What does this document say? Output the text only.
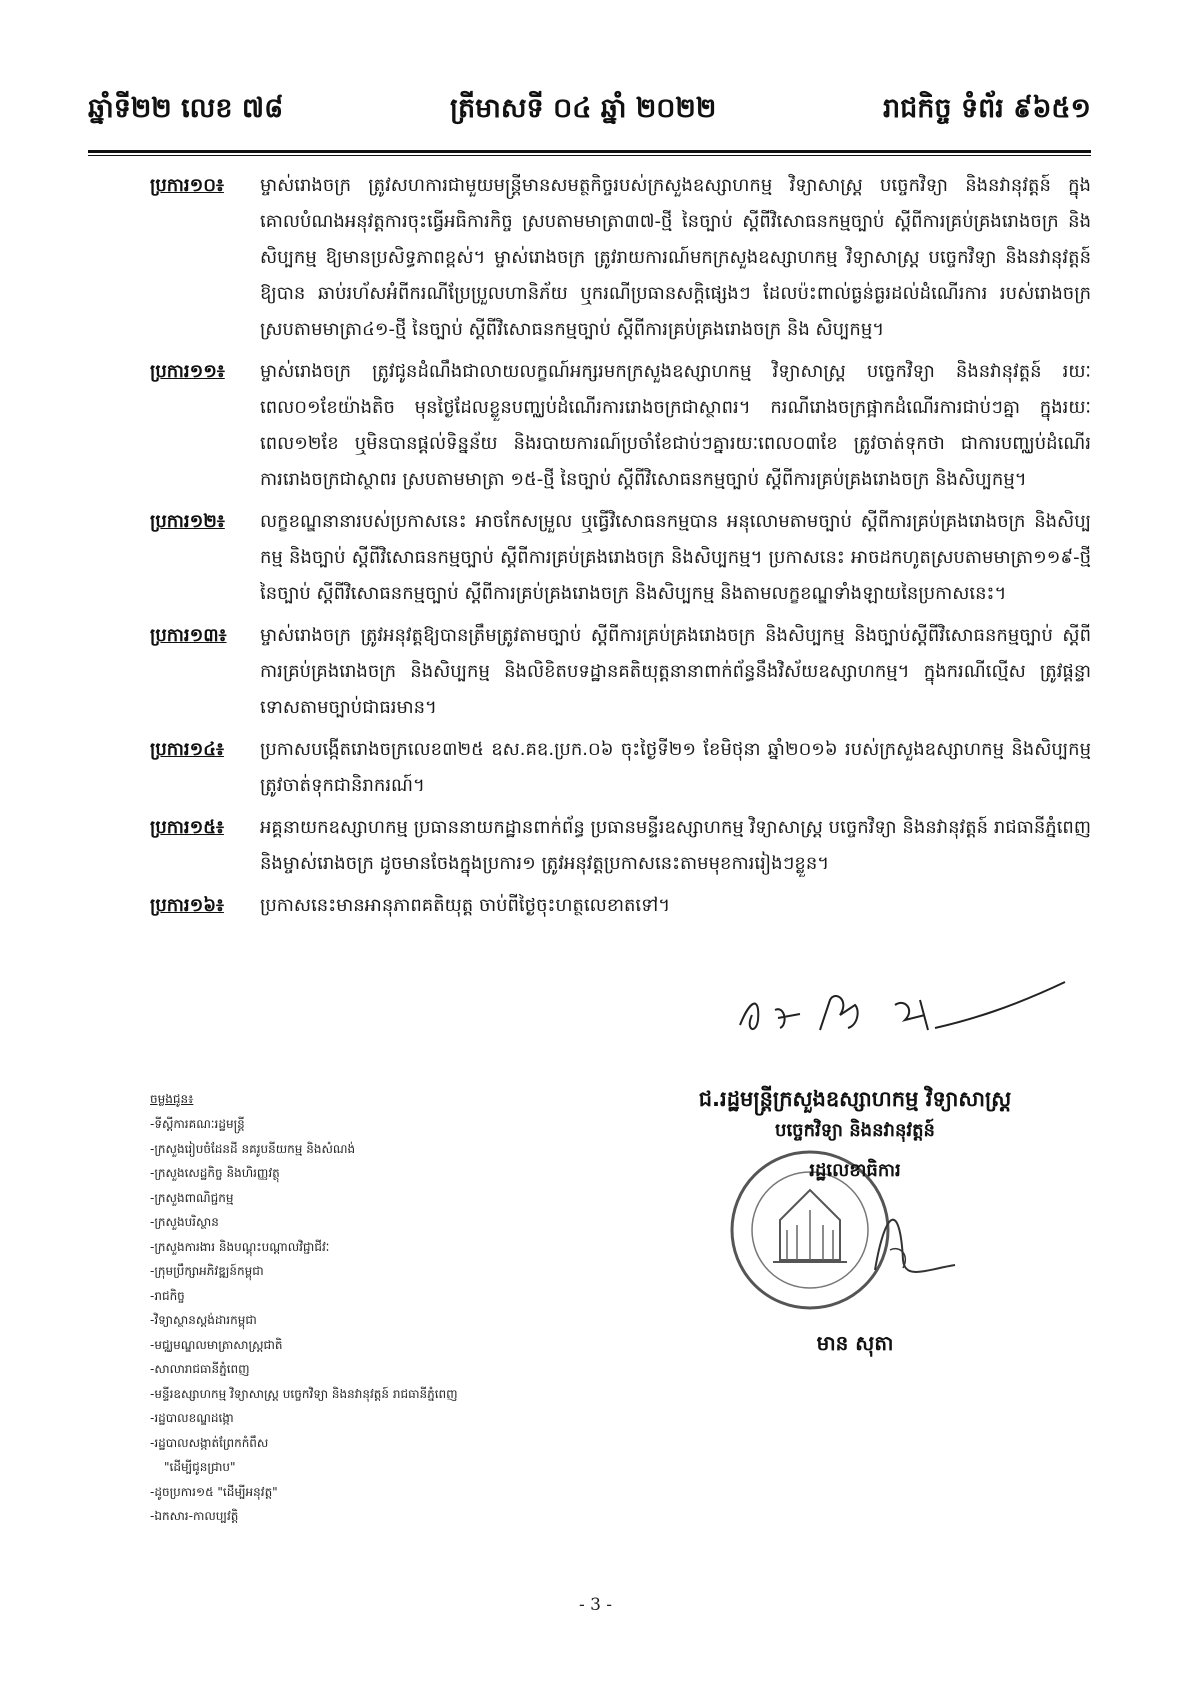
ឆ្នាំទី២២ លេខ ៧៨	ត្រីមាសទី ០៤ ឆ្នាំ ២០២២	រាជកិច្ច ទំព័រ ៩៦៥១
ប្រការ១០៖	ម្ចាស់រោងចក្រ ត្រូវសហការជាមួយមន្ត្រីមានសមត្ថកិច្ចរបស់ក្រសួងឧស្សាហកម្ម វិទ្យាសាស្ត្រ បច្ចេកវិទ្យា និងនវានុវត្តន៍ ក្នុងគោលបំណងអនុវត្តការចុះធ្វើអធិការកិច្ច ស្របតាមមាត្រា៣៧-ថ្មី នៃច្បាប់ ស្តីពីវិសោធនកម្មច្បាប់ ស្តីពីការគ្រប់គ្រងរោងចក្រ និងសិប្បកម្ម ឱ្យមានប្រសិទ្ធភាពខ្ពស់។ ម្ចាស់រោងចក្រ ត្រូវរាយការណ៍មកក្រសួងឧស្សាហកម្ម វិទ្យាសាស្ត្រ បច្ចេកវិទ្យា និងនវានុវត្តន៍ ឱ្យបាន ឆាប់រហ័សអំពីករណីប្រែប្រួលហានិភ័យ ឬករណីប្រធានសក្តិផ្សេងៗ ដែលប៉ះពាល់ធ្ងន់ធ្ងរដល់ដំណើរការ របស់រោងចក្រ ស្របតាមមាត្រា៤១-ថ្មី នៃច្បាប់ ស្តីពីវិសោធនកម្មច្បាប់ ស្តីពីការគ្រប់គ្រងរោងចក្រ និង សិប្បកម្ម។
ប្រការ១១៖	ម្ចាស់រោងចក្រ ត្រូវជូនដំណឹងជាលាយលក្ខណ៍អក្សរមកក្រសួងឧស្សាហកម្ម វិទ្យាសាស្ត្រ បច្ចេកវិទ្យា និងនវានុវត្តន៍ រយៈពេល០១ខែយ៉ាងតិច មុនថ្ងៃដែលខ្លួនបញ្ឈប់ដំណើរការរោងចក្រជាស្ថាពរ។ ករណីរោងចក្រផ្អាកដំណើរការជាប់ៗគ្នា ក្នុងរយៈពេល១២ខែ ឬមិនបានផ្តល់ទិន្នន័យ និងរបាយការណ៍ប្រចាំខែជាប់ៗគ្នារយៈពេល០៣ខែ ត្រូវចាត់ទុកថា ជាការបញ្ឈប់ដំណើរការរោងចក្រជាស្ថាពរ ស្របតាមមាត្រា ១៥-ថ្មី នៃច្បាប់ ស្តីពីវិសោធនកម្មច្បាប់ ស្តីពីការគ្រប់គ្រងរោងចក្រ និងសិប្បកម្ម។
ប្រការ១២៖	លក្ខខណ្ឌនានារបស់ប្រកាសនេះ អាចកែសម្រួល ឬធ្វើវិសោធនកម្មបាន អនុលោមតាមច្បាប់ ស្តីពីការគ្រប់គ្រងរោងចក្រ និងសិប្បកម្ម និងច្បាប់ ស្តីពីវិសោធនកម្មច្បាប់ ស្តីពីការគ្រប់គ្រងរោងចក្រ និងសិប្បកម្ម។ ប្រកាសនេះ អាចដកហូតស្របតាមមាត្រា១១៩-ថ្មី នៃច្បាប់ ស្តីពីវិសោធនកម្មច្បាប់ ស្តីពីការគ្រប់គ្រងរោងចក្រ និងសិប្បកម្ម និងតាមលក្ខខណ្ឌទាំងឡាយនៃប្រកាសនេះ។
ប្រការ១៣៖	ម្ចាស់រោងចក្រ ត្រូវអនុវត្តឱ្យបានត្រឹមត្រូវតាមច្បាប់ ស្តីពីការគ្រប់គ្រងរោងចក្រ និងសិប្បកម្ម និងច្បាប់ស្តីពីវិសោធនកម្មច្បាប់ ស្តីពីការគ្រប់គ្រងរោងចក្រ និងសិប្បកម្ម និងលិខិតបទដ្ឋានគតិយុត្តនានាពាក់ព័ន្ធនឹងវិស័យឧស្សាហកម្ម។ ក្នុងករណីល្មើស ត្រូវផ្តន្ទាទោសតាមច្បាប់ជាធរមាន។
ប្រការ១៤៖	ប្រកាសបង្កើតរោងចក្រលេខ៣២៥ ឧស.គឧ.ប្រក.០៦ ចុះថ្ងៃទី២១ ខែមិថុនា ឆ្នាំ២០១៦ របស់ក្រសួងឧស្សាហកម្ម និងសិប្បកម្ម ត្រូវចាត់ទុកជានិរាករណ៍។
ប្រការ១៥៖	អគ្គនាយកឧស្សាហកម្ម ប្រធាននាយកដ្ឋានពាក់ព័ន្ធ ប្រធានមន្ទីរឧស្សាហកម្ម វិទ្យាសាស្ត្រ បច្ចេកវិទ្យា និងនវានុវត្តន៍ រាជធានីភ្នំពេញ និងម្ចាស់រោងចក្រ ដូចមានចែងក្នុងប្រការ១ ត្រូវអនុវត្តប្រកាសនេះតាមមុខការរៀងៗខ្លួន។
ប្រការ១៦៖	ប្រកាសនេះមានអានុភាពគតិយុត្ត ចាប់ពីថ្ងៃចុះហត្ថលេខាតទៅ។
ចម្លងជូន៖
-ទីស្តីការគណៈរដ្ឋមន្ត្រី
-ក្រសួងរៀបចំដែនដី នគរូបនីយកម្ម និងសំណង់
-ក្រសួងសេដ្ឋកិច្ច និងហិរញ្ញវត្ថុ
-ក្រសួងពាណិជ្ជកម្ម
-ក្រសួងបរិស្ថាន
-ក្រសួងការងារ និងបណ្តុះបណ្តាលវិជ្ជាជីវៈ
-ក្រុមប្រឹក្សាអភិវឌ្ឍន៍កម្ពុជា
-រាជកិច្ច
-វិទ្យាស្ថានស្តង់ដារកម្ពុជា
-មជ្ឈមណ្ឌលមាត្រាសាស្ត្រជាតិ
-សាលារាជធានីភ្នំពេញ
-មន្ទីរឧស្សាហកម្ម វិទ្យាសាស្ត្រ បច្ចេកវិទ្យា និងនវានុវត្តន៍ រាជធានីភ្នំពេញ
-រដ្ឋបាលខណ្ឌដង្កោ
-រដ្ឋបាលសង្កាត់ព្រែកកំពឹស
"ដើម្បីជូនជ្រាប"
-ដូចប្រការ១៥ "ដើម្បីអនុវត្ត"
-ឯកសារ-កាលប្បវត្តិ
ជ.រដ្ឋមន្ត្រីក្រសួងឧស្សាហកម្ម វិទ្យាសាស្ត្រ
បច្ចេកវិទ្យា និងនវានុវត្តន៍
រដ្ឋលេខាធិការ
មាន សុតា
- 3 -
